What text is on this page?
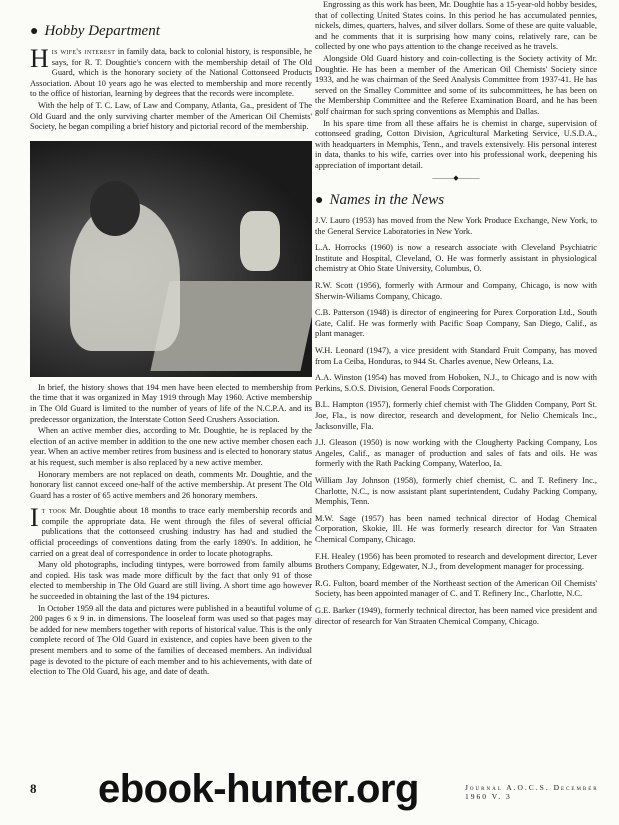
● Hobby Department

His wife's interest in family data, back to colonial history, is responsible, he says, for R. T. Doughtie's concern with the membership detail of The Old Guard, which is the honorary society of the National Cottonseed Products Association. About 10 years ago he was elected to membership and more recently to the office of historian, learning by degrees that the records were incomplete.

With the help of T. C. Law, of Law and Company, Atlanta, Ga., president of The Old Guard and the only surviving charter member of the American Oil Chemists' Society, he began compiling a brief history and pictorial record of the membership.

In brief, the history shows that 194 men have been elected to membership from the time that it was organized in May 1919 through May 1960. Active membership in The Old Guard is limited to the number of years of life of the N.C.P.A. and its predecessor organization, the Interstate Cotton Seed Crushers Association.

When an active member dies, according to Mr. Doughtie, he is replaced by the election of an active member in addition to the one new active member chosen each year. When an active member retires from business and is elected to honorary status at his request, such member is also replaced by a new active member.

Honorary members are not replaced on death, comments Mr. Doughtie, and the honorary list cannot exceed one-half of the active membership. At present The Old Guard has a roster of 65 active members and 26 honorary members.

It took Mr. Doughtie about 18 months to trace early membership records and compile the appropriate data. He went through the files of several official publications that the cottonseed crushing industry has had and studied the official proceedings of conventions dating from the early 1890's. In addition, he carried on a great deal of correspondence in order to locate photographs.

Many old photographs, including tintypes, were borrowed from family albums and copied. His task was made more difficult by the fact that only 91 of those elected to membership in The Old Guard are still living. A short time ago however he succeeded in obtaining the last of the 194 pictures.

In October 1959 all the data and pictures were published in a beautiful volume of 200 pages 6 x 9 in. in dimensions. The looseleaf form was used so that pages may be added for new members together with reports of historical value. This is the only complete record of The Old Guard in existence, and copies have been given to the present members and to some of the families of deceased members. An individual page is devoted to the picture of each member and to his achievements, with date of election to The Old Guard, his age, and date of death.

Engrossing as this work has been, Mr. Doughtie has a 15-year-old hobby besides, that of collecting United States coins. In this period he has accumulated pennies, nickels, dimes, quarters, halves, and silver dollars. Some of these are quite valuable, and he comments that it is surprising how many coins, relatively rare, can be collected by one who pays attention to the change received as he travels.

Alongside Old Guard history and coin-collecting is the Society activity of Mr. Doughtie. He has been a member of the American Oil Chemists' Society since 1933, and he was chairman of the Seed Analysis Committee from 1937-41. He has served on the Smalley Committee and some of its subcommittees, he has been on the Membership Committee and the Referee Examination Board, and he has been golf chairman for such spring conventions as Memphis and Dallas.

In his spare time from all these affairs he is chemist in charge, supervision of cottonseed grading, Cotton Division, Agricultural Marketing Service, U.S.D.A., with headquarters in Memphis, Tenn., and travels extensively. His personal interest in data, thanks to his wife, carries over into his professional work, deepening his appreciation of important detail.

———◆———
● Names in the News

J.V. Lauro (1953) has moved from the New York Produce Exchange, New York, to the General Service Laboratories in New York.

L.A. Horrocks (1960) is now a research associate with Cleveland Psychiatric Institute and Hospital, Cleveland, O. He was formerly assistant in physiological chemistry at Ohio State University, Columbus, O.

R.W. Scott (1956), formerly with Armour and Company, Chicago, is now with Sherwin-Wiliams Company, Chicago.

C.B. Patterson (1948) is director of engineering for Purex Corporation Ltd., South Gate, Calif. He was formerly with Pacific Soap Company, San Diego, Calif., as plant manager.

W.H. Leonard (1947), a vice president with Standard Fruit Company, has moved from La Ceiba, Honduras, to 944 St. Charles avenue, New Orleans, La.

A.A. Winston (1954) has moved from Hoboken, N.J., to Chicago and is now with Perkins, S.O.S. Division, General Foods Corporation.

B.L. Hampton (1957), formerly chief chemist with The Glidden Company, Port St. Joe, Fla., is now director, research and development, for Nelio Chemicals Inc., Jacksonville, Fla.

J.J. Gleason (1950) is now working with the Clougherty Packing Company, Los Angeles, Calif., as manager of production and sales of fats and oils. He was formerly with the Rath Packing Company, Waterloo, Ia.

William Jay Johnson (1958), formerly chief chemist, C. and T. Refinery Inc., Charlotte, N.C., is now assistant plant superintendent, Cudahy Packing Company, Memphis, Tenn.

M.W. Sage (1957) has been named technical director of Hodag Chemical Corporation, Skokie, Ill. He was formerly research director for Van Straaten Chemical Company, Chicago.

F.H. Healey (1956) has been promoted to research and development director, Lever Brothers Company, Edgewater, N.J., from development manager for processing.

R.G. Fulton, board member of the Northeast section of the American Oil Chemists' Society, has been appointed manager of C. and T. Refinery Inc., Charlotte, N.C.

G.E. Barker (1949), formerly technical director, has been named vice president and director of research for Van Straaten Chemical Company, Chicago.

8 ebook-hunter.org	Journal A.O.C.S. December 1960 V. 3
